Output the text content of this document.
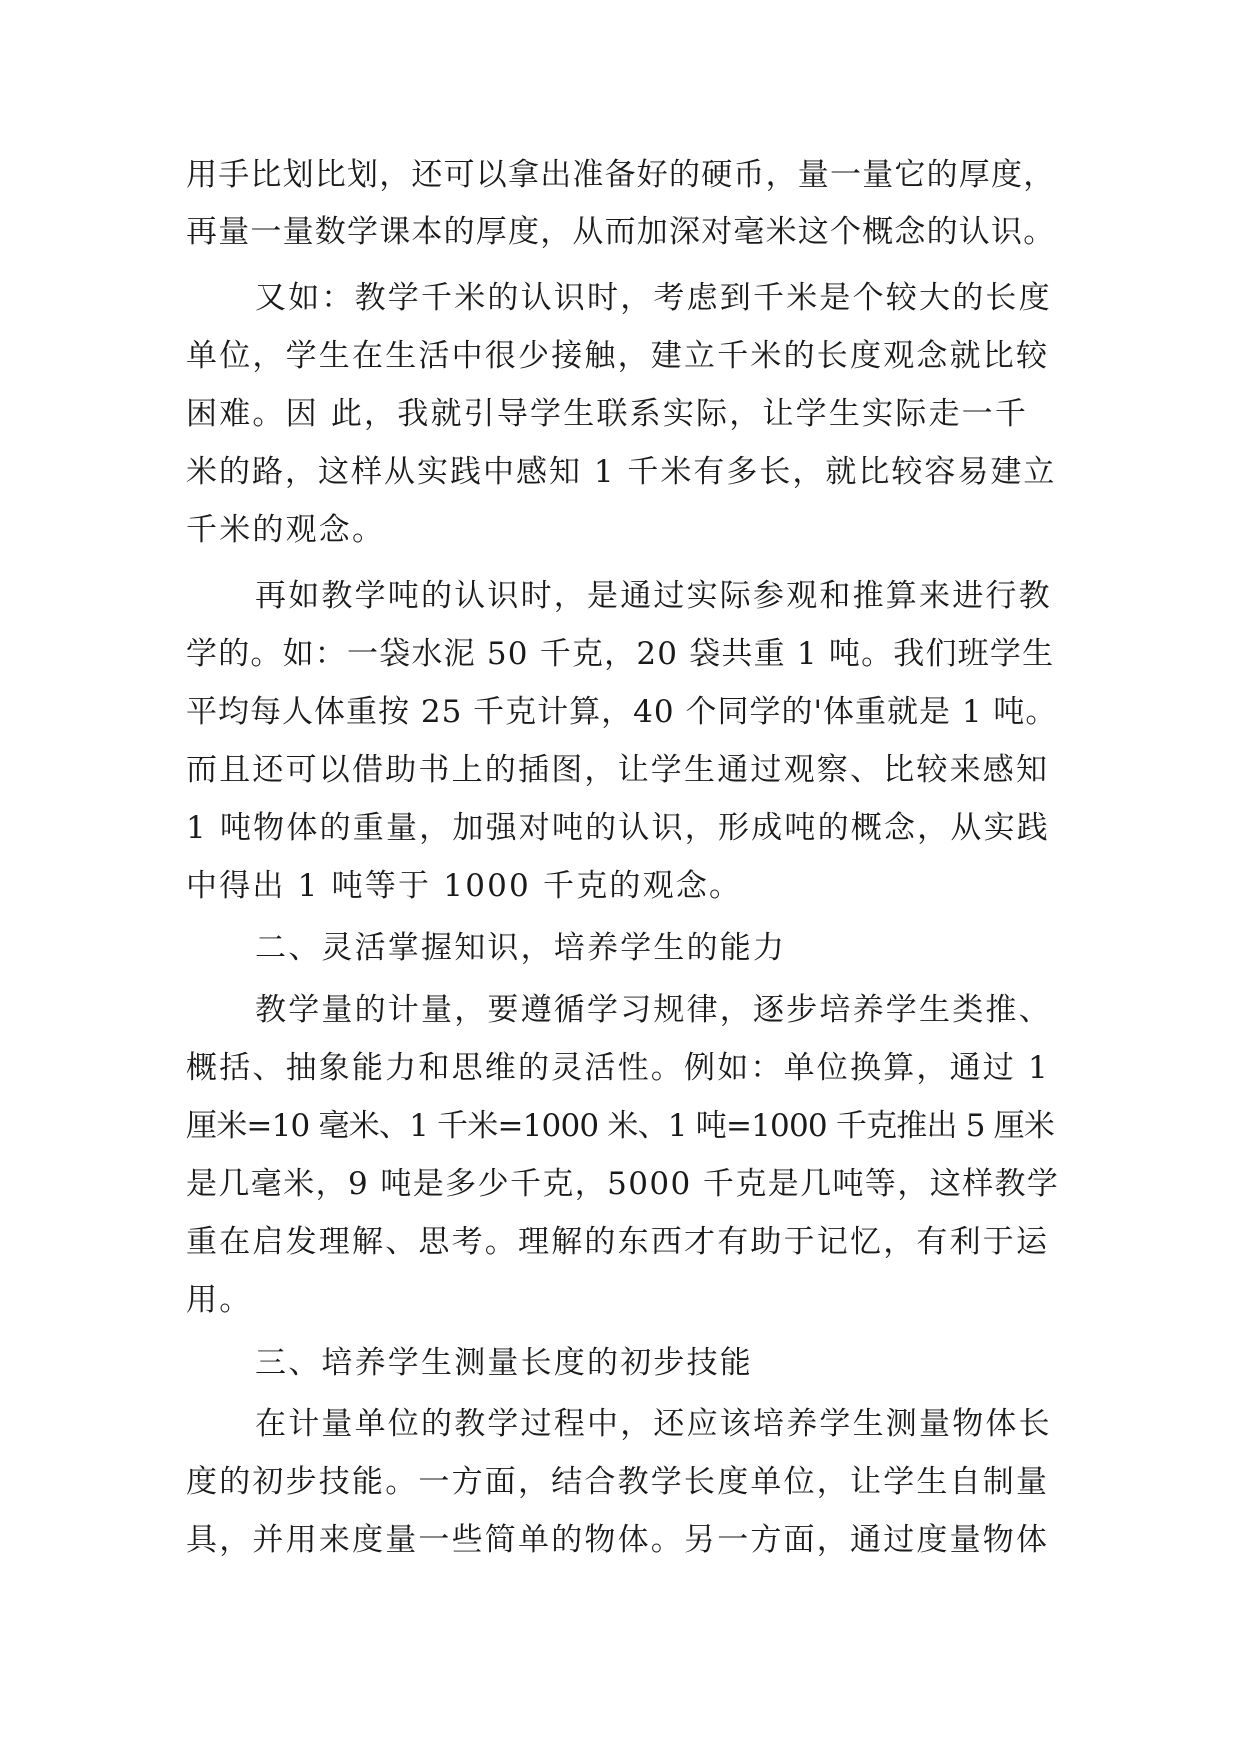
用手比划比划，还可以拿出准备好的硬币，量一量它的厚度，
再量一量数学课本的厚度，从而加深对毫米这个概念的认识。
又如：教学千米的认识时，考虑到千米是个较大的长度
单位，学生在生活中很少接触，建立千米的长度观念就比较
困难。因 此，我就引导学生联系实际，让学生实际走一千
米的路，这样从实践中感知 1 千米有多长，就比较容易建立
千米的观念。
再如教学吨的认识时，是通过实际参观和推算来进行教
学的。如：一袋水泥 50 千克，20 袋共重 1 吨。我们班学生
平均每人体重按 25 千克计算，40 个同学的'体重就是 1 吨。
而且还可以借助书上的插图，让学生通过观察、比较来感知
1 吨物体的重量，加强对吨的认识，形成吨的概念，从实践
中得出 1 吨等于 1000 千克的观念。
二、灵活掌握知识，培养学生的能力
教学量的计量，要遵循学习规律，逐步培养学生类推、
概括、抽象能力和思维的灵活性。例如：单位换算，通过 1
厘米=10 毫米、1 千米=1000 米、1 吨=1000 千克推出 5 厘米
是几毫米，9 吨是多少千克，5000 千克是几吨等，这样教学
重在启发理解、思考。理解的东西才有助于记忆，有利于运
用。
三、培养学生测量长度的初步技能
在计量单位的教学过程中，还应该培养学生测量物体长
度的初步技能。一方面，结合教学长度单位，让学生自制量
具，并用来度量一些简单的物体。另一方面，通过度量物体
